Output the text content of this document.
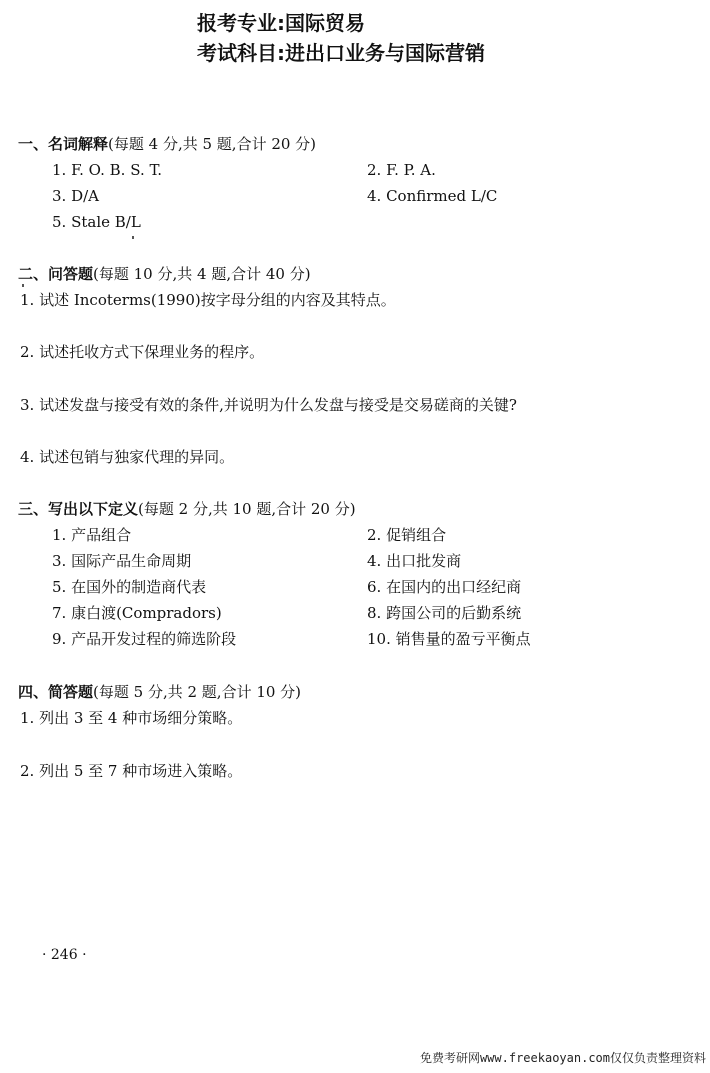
报考专业:国际贸易
考试科目:进出口业务与国际营销
一、名词解释(每题 4 分,共 5 题,合计 20 分)
1. F. O. B. S. T.	2. F. P. A.
3. D/A	4. Confirmed L/C
5. Stale B/L
二、问答题(每题 10 分,共 4 题,合计 40 分)
1. 试述 Incoterms(1990)按字母分组的内容及其特点。
2. 试述托收方式下保理业务的程序。
3. 试述发盘与接受有效的条件,并说明为什么发盘与接受是交易磋商的关键?
4. 试述包销与独家代理的异同。
三、写出以下定义(每题 2 分,共 10 题,合计 20 分)
1. 产品组合	2. 促销组合
3. 国际产品生命周期	4. 出口批发商
5. 在国外的制造商代表	6. 在国内的出口经纪商
7. 康白渡(Compradors)	8. 跨国公司的后勤系统
9. 产品开发过程的筛选阶段	10. 销售量的盈亏平衡点
四、简答题(每题 5 分,共 2 题,合计 10 分)
1. 列出 3 至 4 种市场细分策略。
2. 列出 5 至 7 种市场进入策略。
· 246 ·
免费考研网www.freekaoyan.com仅仅负责整理资料
